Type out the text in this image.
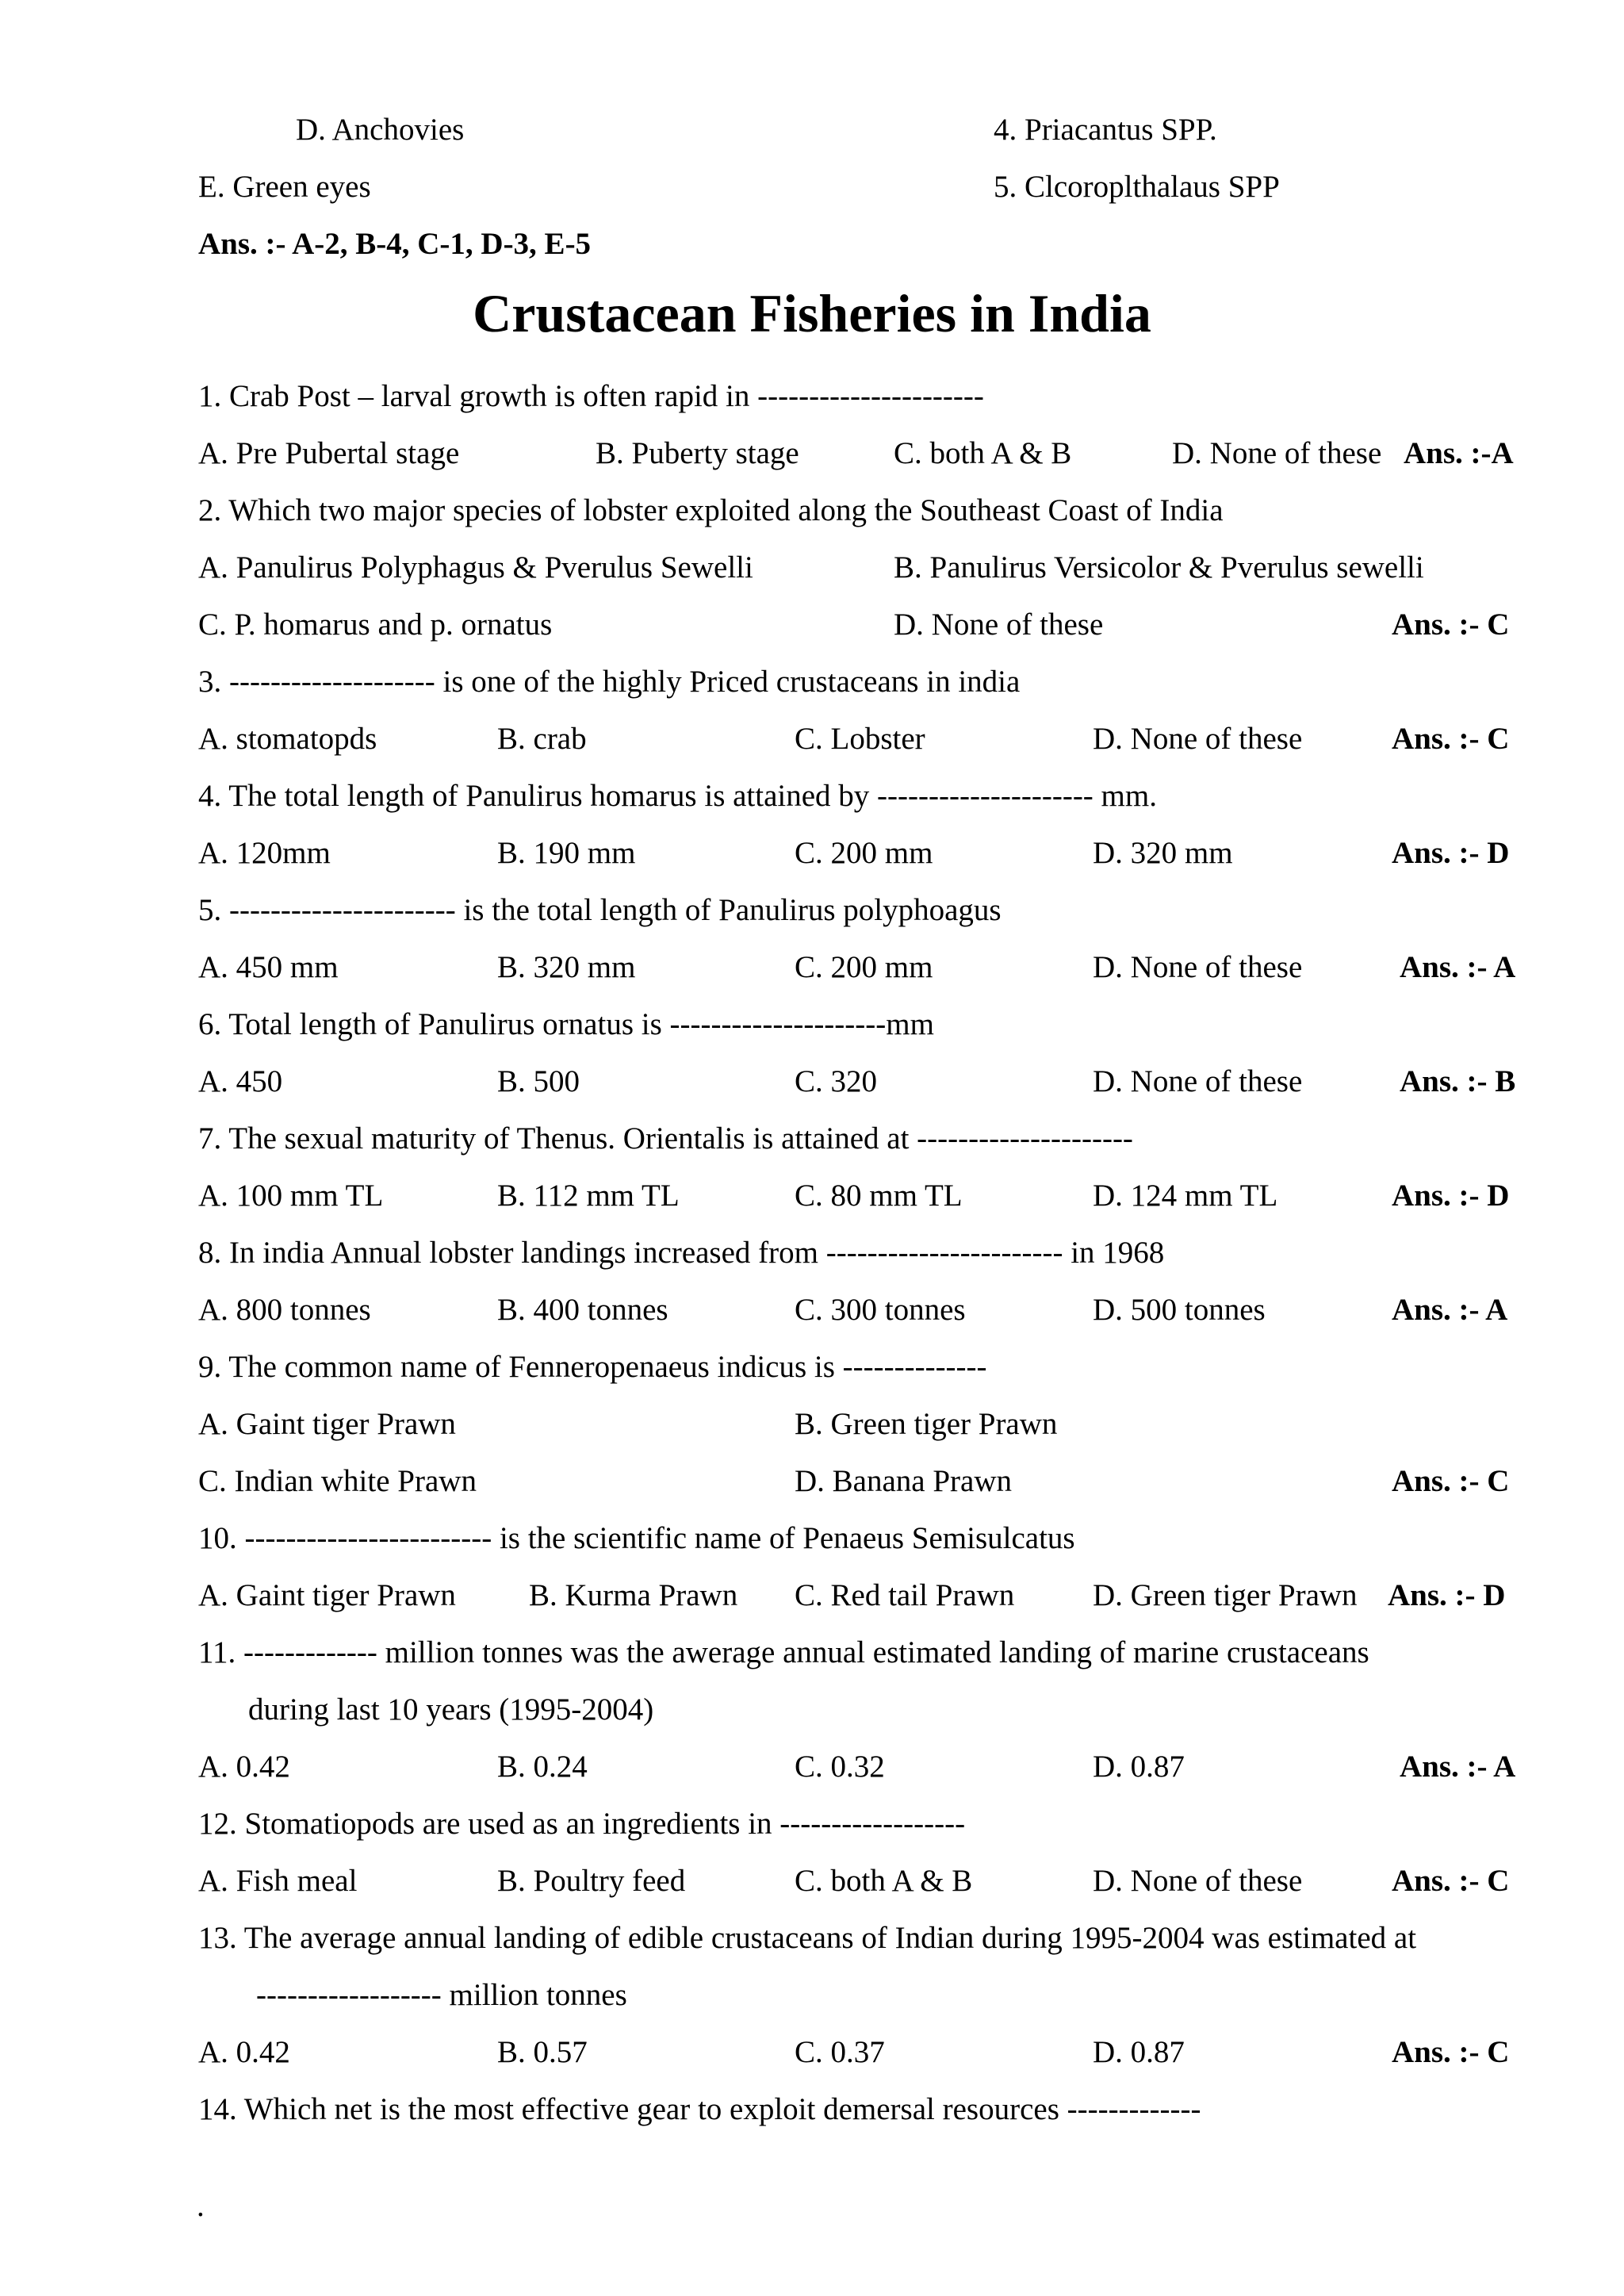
D. Anchovies	4. Priacantus SPP.
E. Green eyes	5. Clcoroplthalaus SPP
Ans. :- A-2, B-4, C-1, D-3, E-5
Crustacean Fisheries in India
1. Crab Post – larval growth is often rapid in ----------------------
A. Pre Pubertal stage	B. Puberty stage	C. both A & B	D. None of these Ans. :-A
2. Which two major species of lobster exploited along the Southeast Coast of India
A. Panulirus Polyphagus & Pverulus Sewelli	B. Panulirus Versicolor & Pverulus sewelli
C. P. homarus and p. ornatus	D. None of these	Ans. :- C
3. -------------------- is one of the highly Priced crustaceans in india
A. stomatopds	B. crab	C. Lobster	D. None of these	Ans. :- C
4. The total length of Panulirus homarus is attained by --------------------- mm.
A. 120mm	B. 190 mm	C. 200 mm	D. 320 mm	Ans. :- D
5. ---------------------- is the total length of Panulirus polyphoagus
A. 450 mm	B. 320 mm	C. 200 mm	D. None of these	Ans. :- A
6. Total length of Panulirus ornatus is ---------------------mm
A. 450	B. 500	C. 320	D. None of these	Ans. :- B
7. The sexual maturity of Thenus. Orientalis is attained at ---------------------
A. 100 mm TL	B. 112 mm TL	C. 80 mm TL	D. 124 mm TL	Ans. :- D
8. In india Annual lobster landings increased from ----------------------- in 1968
A. 800 tonnes	B. 400 tonnes	C. 300 tonnes	D. 500 tonnes	Ans. :- A
9. The common name of Fenneropenaeus indicus is --------------
A. Gaint tiger Prawn	B. Green tiger Prawn
C. Indian white Prawn	D. Banana Prawn	Ans. :- C
10. ------------------------ is the scientific name of Penaeus Semisulcatus
A. Gaint tiger Prawn B. Kurma Prawn C. Red tail Prawn	D. Green tiger Prawn Ans. :- D
11. ------------- million tonnes was the awerage annual estimated landing of marine crustaceans
during last 10 years (1995-2004)
A. 0.42	B. 0.24	C. 0.32	D. 0.87	Ans. :- A
12. Stomatiopods are used as an ingredients in ------------------
A. Fish meal	B. Poultry feed	C. both A & B	D. None of these	Ans. :- C
13. The average annual landing of edible crustaceans of Indian during 1995-2004 was estimated at
------------------ million tonnes
A. 0.42	B. 0.57	C. 0.37	D. 0.87	Ans. :- C
14. Which net is the most effective gear to exploit demersal resources -------------
.
